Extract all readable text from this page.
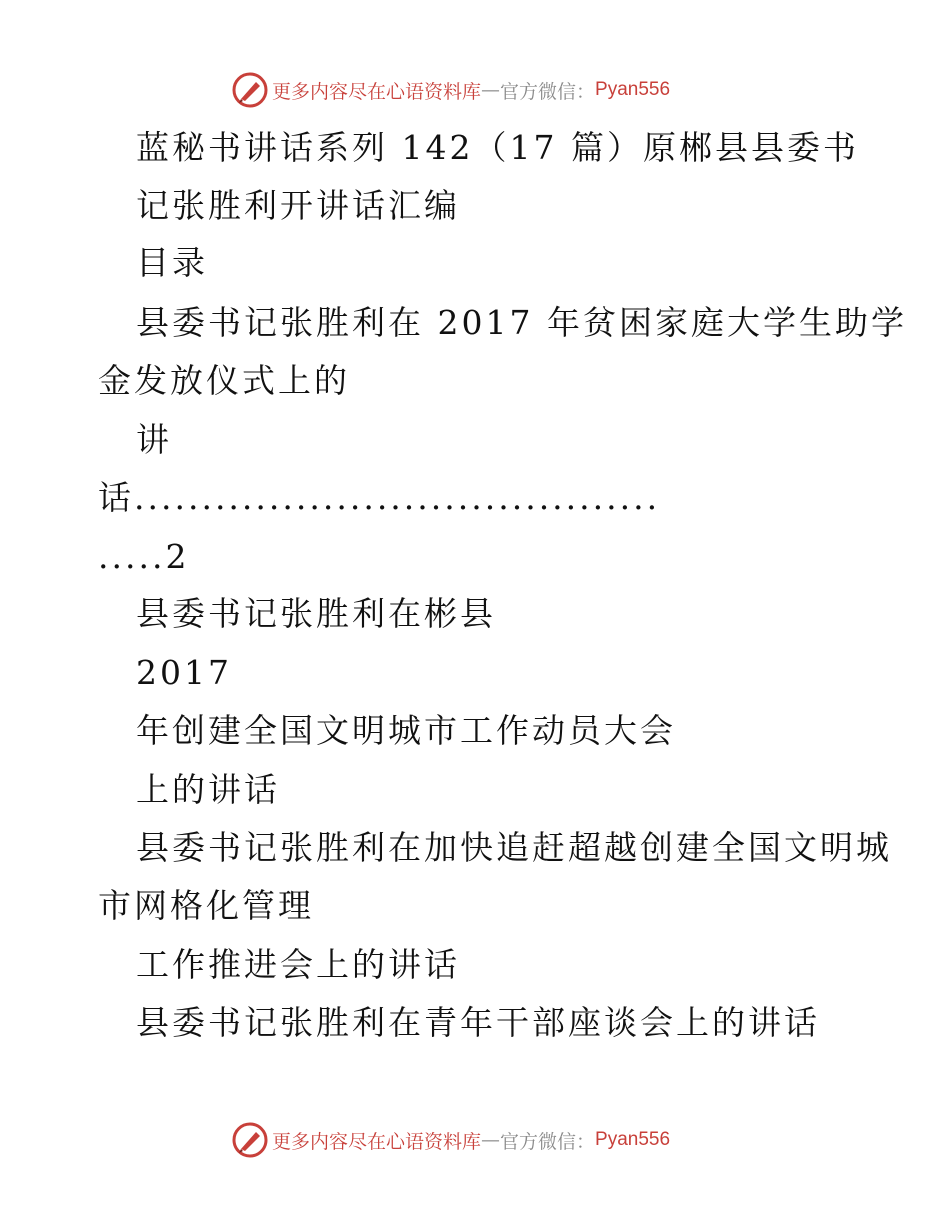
更多内容尽在心语资料库 — 官方微信： Pyan556
蓝秘书讲话系列 142（17 篇）原郴县县委书
记张胜利开讲话汇编
目录
县委书记张胜利在 2017 年贫困家庭大学生助学
金发放仪式上的
讲
话.......................................
.....2
县委书记张胜利在彬县
2017
年创建全国文明城市工作动员大会
上的讲话
县委书记张胜利在加快追赶超越创建全国文明城
市网格化管理
工作推进会上的讲话
县委书记张胜利在青年干部座谈会上的讲话
更多内容尽在心语资料库 — 官方微信： Pyan556
